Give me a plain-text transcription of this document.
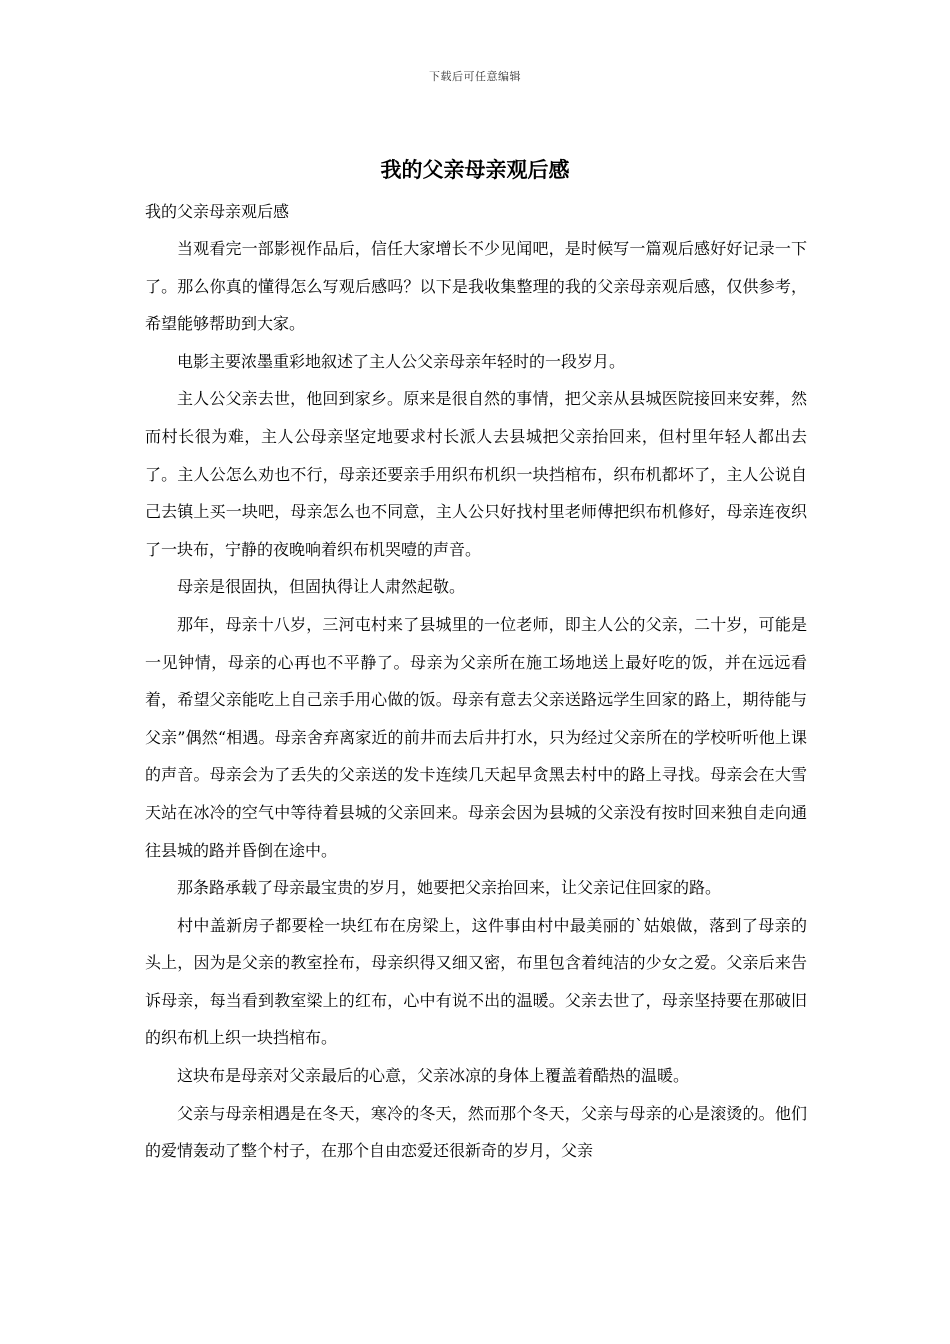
下载后可任意编辑
我的父亲母亲观后感

我的父亲母亲观后感

当观看完一部影视作品后，信任大家增长不少见闻吧，是时候写一篇观后感好好记录一下了。那么你真的懂得怎么写观后感吗？以下是我收集整理的我的父亲母亲观后感，仅供参考，希望能够帮助到大家。

电影主要浓墨重彩地叙述了主人公父亲母亲年轻时的一段岁月。

主人公父亲去世，他回到家乡。原来是很自然的事情，把父亲从县城医院接回来安葬，然而村长很为难，主人公母亲坚定地要求村长派人去县城把父亲抬回来，但村里年轻人都出去了。主人公怎么劝也不行，母亲还要亲手用织布机织一块挡棺布，织布机都坏了，主人公说自己去镇上买一块吧，母亲怎么也不同意，主人公只好找村里老师傅把织布机修好，母亲连夜织了一块布，宁静的夜晚响着织布机哭噎的声音。

母亲是很固执，但固执得让人肃然起敬。

那年，母亲十八岁，三河屯村来了县城里的一位老师，即主人公的父亲，二十岁，可能是一见钟情，母亲的心再也不平静了。母亲为父亲所在施工场地送上最好吃的饭，并在远远看着，希望父亲能吃上自己亲手用心做的饭。母亲有意去父亲送路远学生回家的路上，期待能与父亲”偶然“相遇。母亲舍弃离家近的前井而去后井打水，只为经过父亲所在的学校听听他上课的声音。母亲会为了丢失的父亲送的发卡连续几天起早贪黑去村中的路上寻找。母亲会在大雪天站在冰冷的空气中等待着县城的父亲回来。母亲会因为县城的父亲没有按时回来独自走向通往县城的路并昏倒在途中。

那条路承载了母亲最宝贵的岁月，她要把父亲抬回来，让父亲记住回家的路。

村中盖新房子都要栓一块红布在房梁上，这件事由村中最美丽的`姑娘做，落到了母亲的头上，因为是父亲的教室拴布，母亲织得又细又密，布里包含着纯洁的少女之爱。父亲后来告诉母亲，每当看到教室梁上的红布，心中有说不出的温暖。父亲去世了，母亲坚持要在那破旧的织布机上织一块挡棺布。

这块布是母亲对父亲最后的心意，父亲冰凉的身体上覆盖着酷热的温暖。

父亲与母亲相遇是在冬天，寒冷的冬天，然而那个冬天，父亲与母亲的心是滚烫的。他们的爱情轰动了整个村子，在那个自由恋爱还很新奇的岁月，父亲
